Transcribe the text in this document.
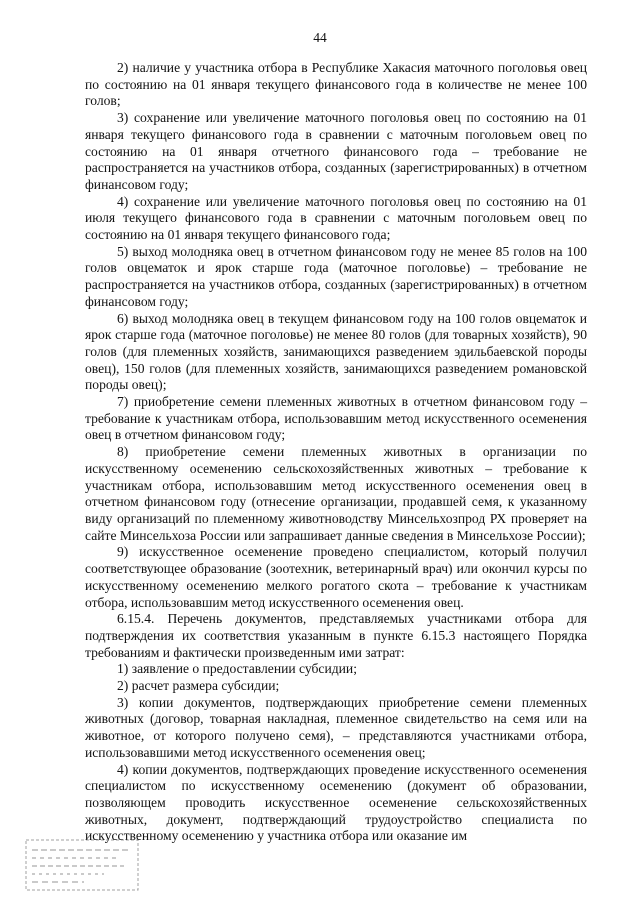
44

2) наличие у участника отбора в Республике Хакасия маточного поголовья овец по состоянию на 01 января текущего финансового года в количестве не менее 100 голов;

3) сохранение или увеличение маточного поголовья овец по состоянию на 01 января текущего финансового года в сравнении с маточным поголовьем овец по состоянию на 01 января отчетного финансового года – требование не распространяется на участников отбора, созданных (зарегистрированных) в отчетном финансовом году;

4) сохранение или увеличение маточного поголовья овец по состоянию на 01 июля текущего финансового года в сравнении с маточным поголовьем овец по состоянию на 01 января текущего финансового года;

5) выход молодняка овец в отчетном финансовом году не менее 85 голов на 100 голов овцематок и ярок старше года (маточное поголовье) – требование не распространяется на участников отбора, созданных (зарегистрированных) в отчетном финансовом году;

6) выход молодняка овец в текущем финансовом году на 100 голов овцематок и ярок старше года (маточное поголовье) не менее 80 голов (для товарных хозяйств), 90 голов (для племенных хозяйств, занимающихся разведением эдильбаевской породы овец), 150 голов (для племенных хозяйств, занимающихся разведением романовской породы овец);

7) приобретение семени племенных животных в отчетном финансовом году – требование к участникам отбора, использовавшим метод искусственного осеменения овец в отчетном финансовом году;

8) приобретение семени племенных животных в организации по искусственному осеменению сельскохозяйственных животных – требование к участникам отбора, использовавшим метод искусственного осеменения овец в отчетном финансовом году (отнесение организации, продавшей семя, к указанному виду организаций по племенному животноводству Минсельхозпрод РХ проверяет на сайте Минсельхоза России или запрашивает данные сведения в Минсельхозе России);

9) искусственное осеменение проведено специалистом, который получил соответствующее образование (зоотехник, ветеринарный врач) или окончил курсы по искусственному осеменению мелкого рогатого скота – требование к участникам отбора, использовавшим метод искусственного осеменения овец.

6.15.4. Перечень документов, представляемых участниками отбора для подтверждения их соответствия указанным в пункте 6.15.3 настоящего Порядка требованиям и фактически произведенным ими затрат:

1) заявление о предоставлении субсидии;

2) расчет размера субсидии;

3) копии документов, подтверждающих приобретение семени племенных животных (договор, товарная накладная, племенное свидетельство на семя или на животное, от которого получено семя), – представляются участниками отбора, использовавшими метод искусственного осеменения овец;

4) копии документов, подтверждающих проведение искусственного осеменения специалистом по искусственному осеменению (документ об образовании, позволяющем проводить искусственное осеменение сельскохозяйственных животных, документ, подтверждающий трудоустройство специалиста по искусственному осеменению у участника отбора или оказание им
